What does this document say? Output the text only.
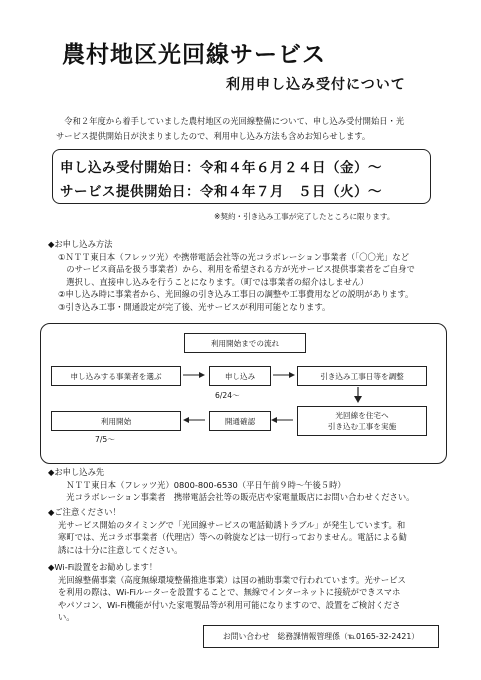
農村地区光回線サービス
利用申し込み受付について
　令和２年度から着手していました農村地区の光回線整備について、申し込み受付開始日・光
サービス提供開始日が決まりましたので、利用申し込み方法も含めお知らせします。
申し込み受付開始日：令和４年６月２４日（金）～
サービス提供開始日：令和４年７月　５日（火）～
※契約・引き込み工事が完了したところに限ります。
◆お申し込み方法
①ＮＴＴ東日本（フレッツ光）や携帯電話会社等の光コラボレーション事業者（「〇〇光」など
　のサービス商品を扱う事業者）から、利用を希望される方が光サービス提供事業者をご自身で
　選択し、直接申し込みを行うことになります。（町では事業者の紹介はしません）
②申し込み時に事業者から、光回線の引き込み工事日の調整や工事費用などの説明があります。
③引き込み工事・開通設定が完了後、光サービスが利用可能となります。
利用開始までの流れ
申し込みする事業者を選ぶ	申し込み
6/24～
引き込み工事日等を調整
光回線を住宅へ
引き込む工事を実施
開通確認
利用開始
7/5～
◆お申し込み先
　ＮＴＴ東日本（フレッツ光）0800-800-6530（平日午前９時～午後５時）
　光コラボレーション事業者　携帯電話会社等の販売店や家電量販店にお問い合わせください。
◆ご注意ください！
光サービス開始のタイミングで「光回線サービスの電話勧誘トラブル」が発生しています。和
寒町では、光コラボ事業者（代理店）等への斡旋などは一切行っておりません。電話による勧
誘には十分に注意してください。
◆Wi-Fi設置をお勧めします！
光回線整備事業（高度無線環境整備推進事業）は国の補助事業で行われています。光サービス
を利用の際は、Wi-Fiルーターを設置することで、無線でインターネットに接続ができスマホ
やパソコン、Wi-Fi機能が付いた家電製品等が利用可能になりますので、設置をご検討くださ
い。
お問い合わせ　総務課情報管理係（℡0165-32-2421）
